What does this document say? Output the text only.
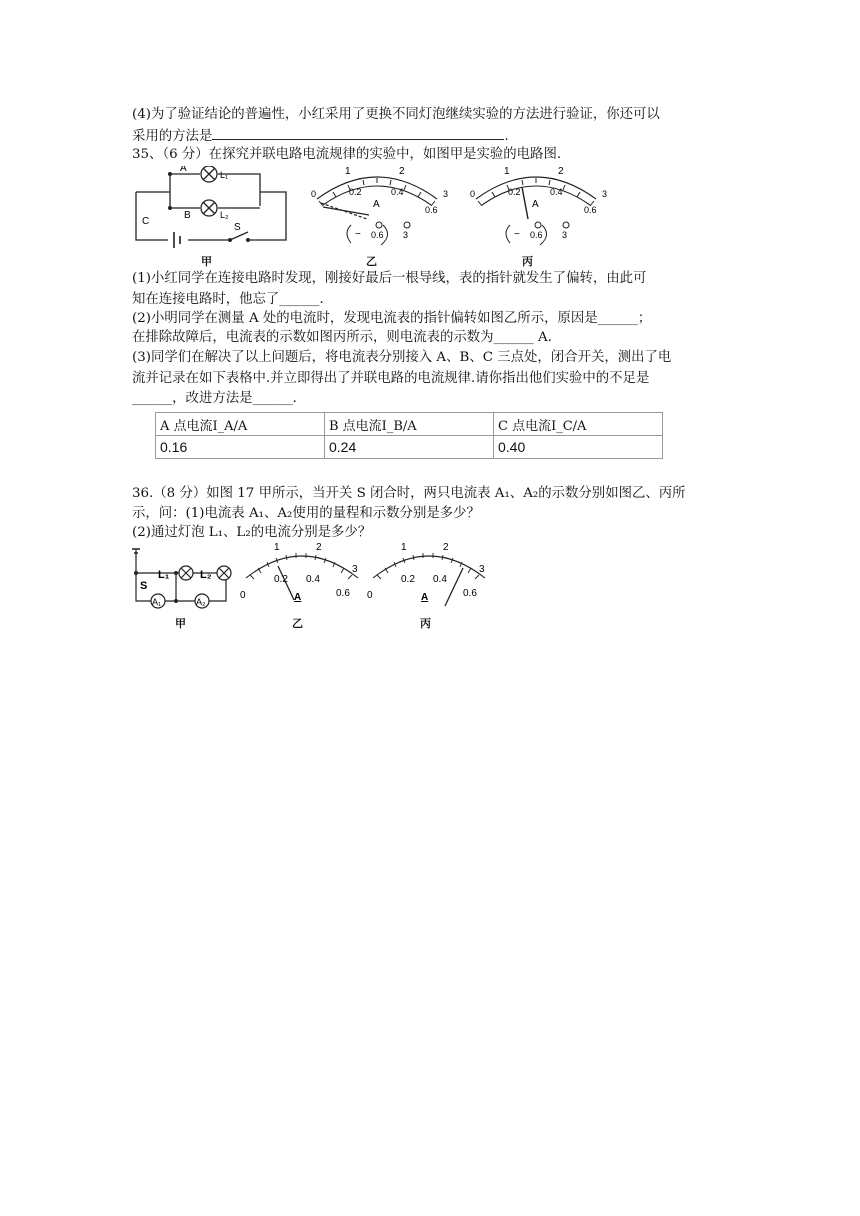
(4)为了验证结论的普遍性，小红采用了更换不同灯泡继续实验的方法进行验证，你还可以
采用的方法是	.
35、（6 分）在探究并联电路电流规律的实验中，如图甲是实验的电路图.
A
B
C
L₁
L₂
S
甲
1	2
0	0.2	0.4
0.6
3
A
− 0.6 3
乙
1	2
0	0.2	0.4
0.6
3
A
− 0.6 3
丙
(1)小红同学在连接电路时发现，刚接好最后一根导线，表的指针就发生了偏转，由此可
知在连接电路时，他忘了______．
(2)小明同学在测量 A 处的电流时，发现电流表的指针偏转如图乙所示，原因是______；
在排除故障后，电流表的示数如图丙所示，则电流表的示数为______ A.
(3)同学们在解决了以上问题后，将电流表分别接入 A、B、C 三点处，闭合开关，测出了电
流并记录在如下表格中.并立即得出了并联电路的电流规律.请你指出他们实验中的不足是
______，改进方法是______．
A 点电流I_A/A	B 点电流I_B/A	C 点电流I_C/A
0.16	0.24	0.40
36.（8 分）如图 17 甲所示，当开关 S 闭合时，两只电流表 A₁、A₂的示数分别如图乙、丙所
示，问：(1)电流表 A₁、A₂使用的量程和示数分别是多少？
(2)通过灯泡 L₁、L₂的电流分别是多少？
S
L₁	L₂
A₁	A₂
甲
1	2
0
0.2 0.4
0.6
3
A
乙
1	2
0
0.2 0.4
0.6
3
A
丙
